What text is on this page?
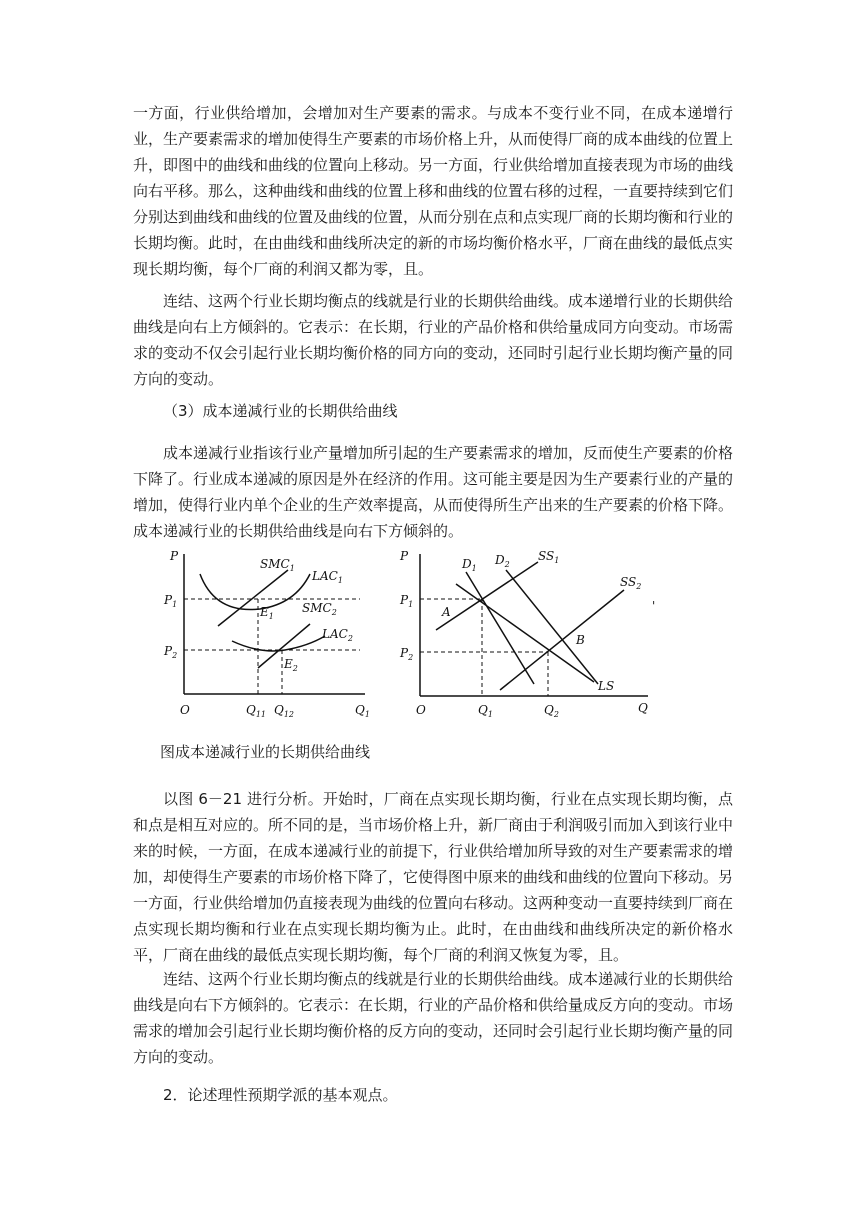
一方面，行业供给增加，会增加对生产要素的需求。与成本不变行业不同，在成本递增行业，生产要素需求的增加使得生产要素的市场价格上升，从而使得厂商的成本曲线的位置上升，即图中的曲线和曲线的位置向上移动。另一方面，行业供给增加直接表现为市场的曲线向右平移。那么，这种曲线和曲线的位置上移和曲线的位置右移的过程，一直要持续到它们分别达到曲线和曲线的位置及曲线的位置，从而分别在点和点实现厂商的长期均衡和行业的长期均衡。此时，在由曲线和曲线所决定的新的市场均衡价格水平，厂商在曲线的最低点实现长期均衡，每个厂商的利润又都为零，且。

连结、这两个行业长期均衡点的线就是行业的长期供给曲线。成本递增行业的长期供给曲线是向右上方倾斜的。它表示：在长期，行业的产品价格和供给量成同方向变动。市场需求的变动不仅会引起行业长期均衡价格的同方向的变动，还同时引起行业长期均衡产量的同方向的变动。

（3）成本递减行业的长期供给曲线

成本递减行业指该行业产量增加所引起的生产要素需求的增加，反而使生产要素的价格下降了。行业成本递减的原因是外在经济的作用。这可能主要是因为生产要素行业的产量的增加，使得行业内单个企业的生产效率提高，从而使得所生产出来的生产要素的价格下降。成本递减行业的长期供给曲线是向右下方倾斜的。

P
O	$Q_1$
$P_1$
$P_2$
$SMC_1$
$LAC_1$
$SMC_2$
$LAC_2$
$E_1$
$E_2$
$Q_{11}$ $Q_{12}$
P
O	Q
$P_1$
$P_2$
$D_1$
$D_2$
$SS_1$
$SS_2$
A
B
LS
$Q_1$	$Q_2$
'

图成本递减行业的长期供给曲线

以图 6－21 进行分析。开始时，厂商在点实现长期均衡，行业在点实现长期均衡，点和点是相互对应的。所不同的是，当市场价格上升，新厂商由于利润吸引而加入到该行业中来的时候，一方面，在成本递减行业的前提下，行业供给增加所导致的对生产要素需求的增加，却使得生产要素的市场价格下降了，它使得图中原来的曲线和曲线的位置向下移动。另一方面，行业供给增加仍直接表现为曲线的位置向右移动。这两种变动一直要持续到厂商在点实现长期均衡和行业在点实现长期均衡为止。此时，在由曲线和曲线所决定的新价格水平，厂商在曲线的最低点实现长期均衡，每个厂商的利润又恢复为零，且。

连结、这两个行业长期均衡点的线就是行业的长期供给曲线。成本递减行业的长期供给曲线是向右下方倾斜的。它表示：在长期，行业的产品价格和供给量成反方向的变动。市场需求的增加会引起行业长期均衡价格的反方向的变动，还同时会引起行业长期均衡产量的同方向的变动。

2．论述理性预期学派的基本观点。
